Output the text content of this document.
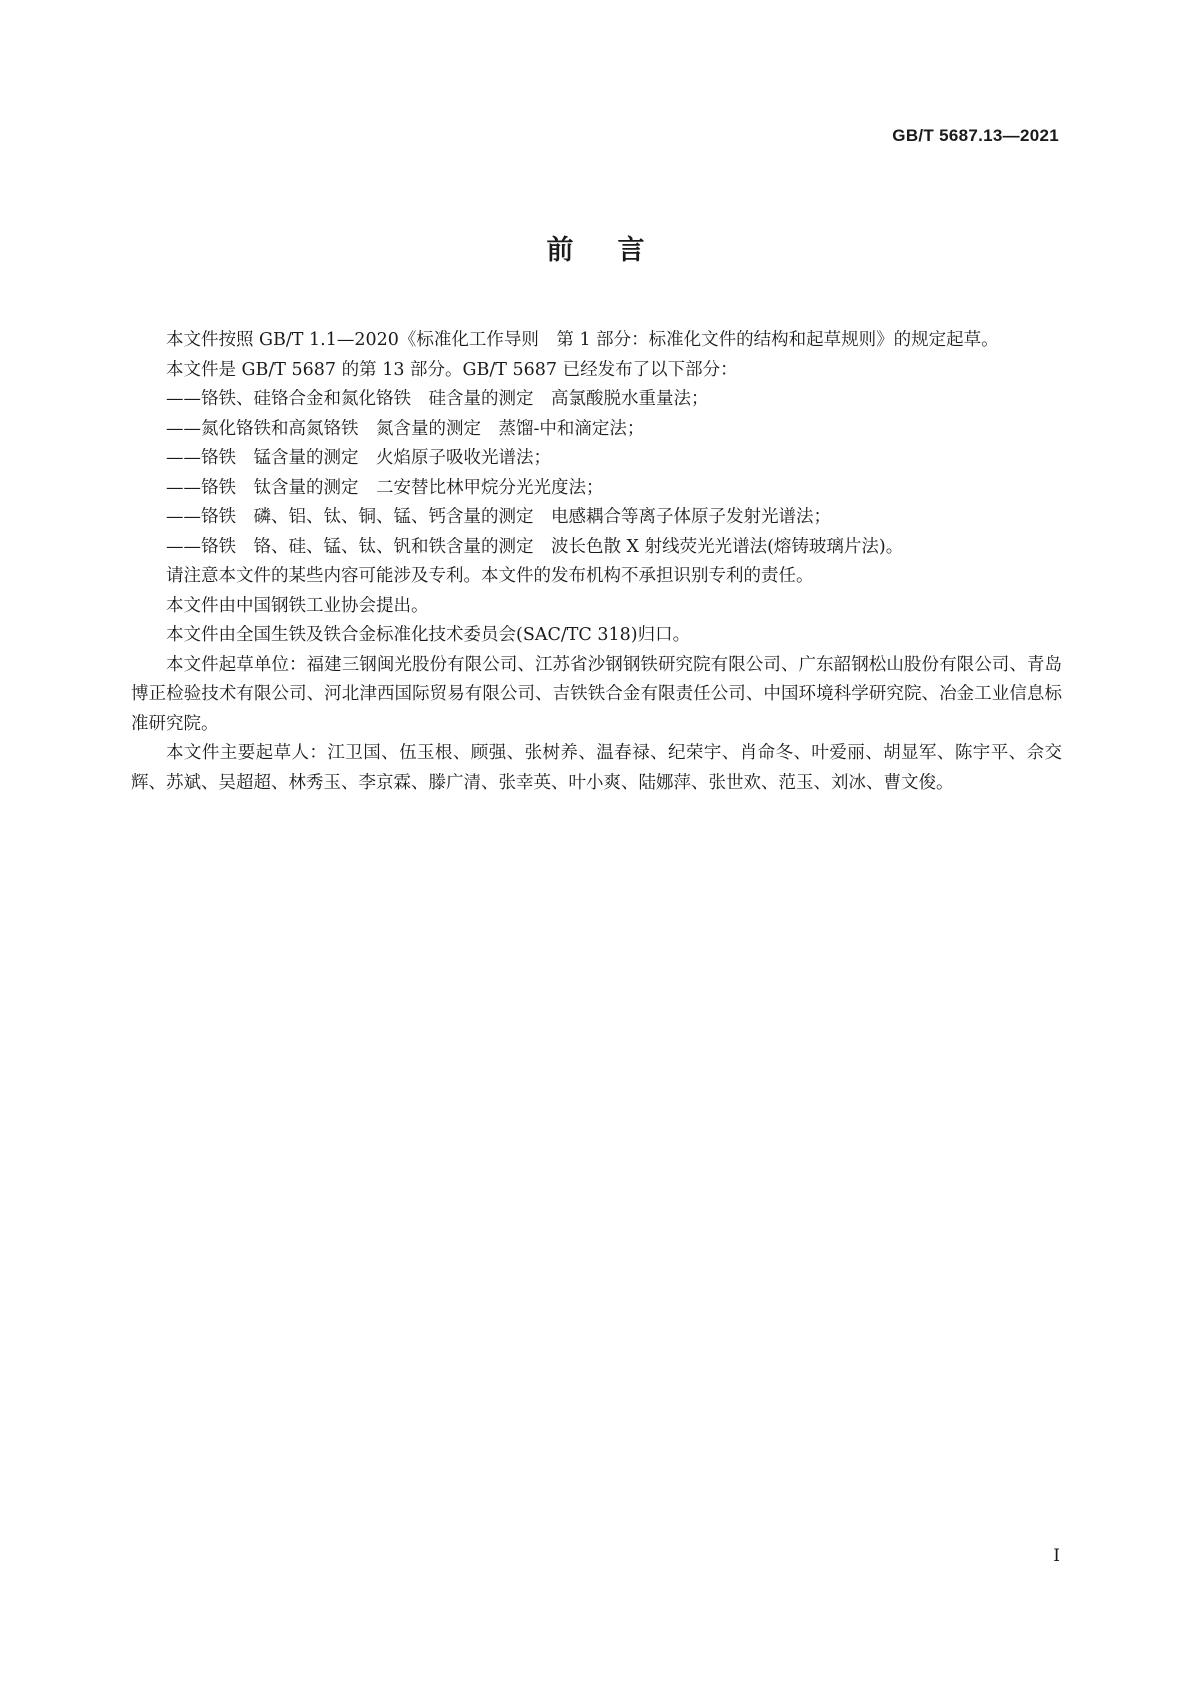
GB/T 5687.13—2021
前言

本文件按照 GB/T 1.1—2020《标准化工作导则　第 1 部分：标准化文件的结构和起草规则》的规定起草。

本文件是 GB/T 5687 的第 13 部分。GB/T 5687 已经发布了以下部分：

——铬铁、硅铬合金和氮化铬铁　硅含量的测定　高氯酸脱水重量法；

——氮化铬铁和高氮铬铁　氮含量的测定　蒸馏-中和滴定法；

——铬铁　锰含量的测定　火焰原子吸收光谱法；

——铬铁　钛含量的测定　二安替比林甲烷分光光度法；

——铬铁　磷、铝、钛、铜、锰、钙含量的测定　电感耦合等离子体原子发射光谱法；

——铬铁　铬、硅、锰、钛、钒和铁含量的测定　波长色散 X 射线荧光光谱法(熔铸玻璃片法)。

请注意本文件的某些内容可能涉及专利。本文件的发布机构不承担识别专利的责任。

本文件由中国钢铁工业协会提出。

本文件由全国生铁及铁合金标准化技术委员会(SAC/TC 318)归口。

本文件起草单位：福建三钢闽光股份有限公司、江苏省沙钢钢铁研究院有限公司、广东韶钢松山股份有限公司、青岛博正检验技术有限公司、河北津西国际贸易有限公司、吉铁铁合金有限责任公司、中国环境科学研究院、冶金工业信息标准研究院。

本文件主要起草人：江卫国、伍玉根、顾强、张树养、温春禄、纪荣宇、肖命冬、叶爱丽、胡显军、陈宇平、佘交辉、苏斌、吴超超、林秀玉、李京霖、滕广清、张幸英、叶小爽、陆娜萍、张世欢、范玉、刘冰、曹文俊。

I
